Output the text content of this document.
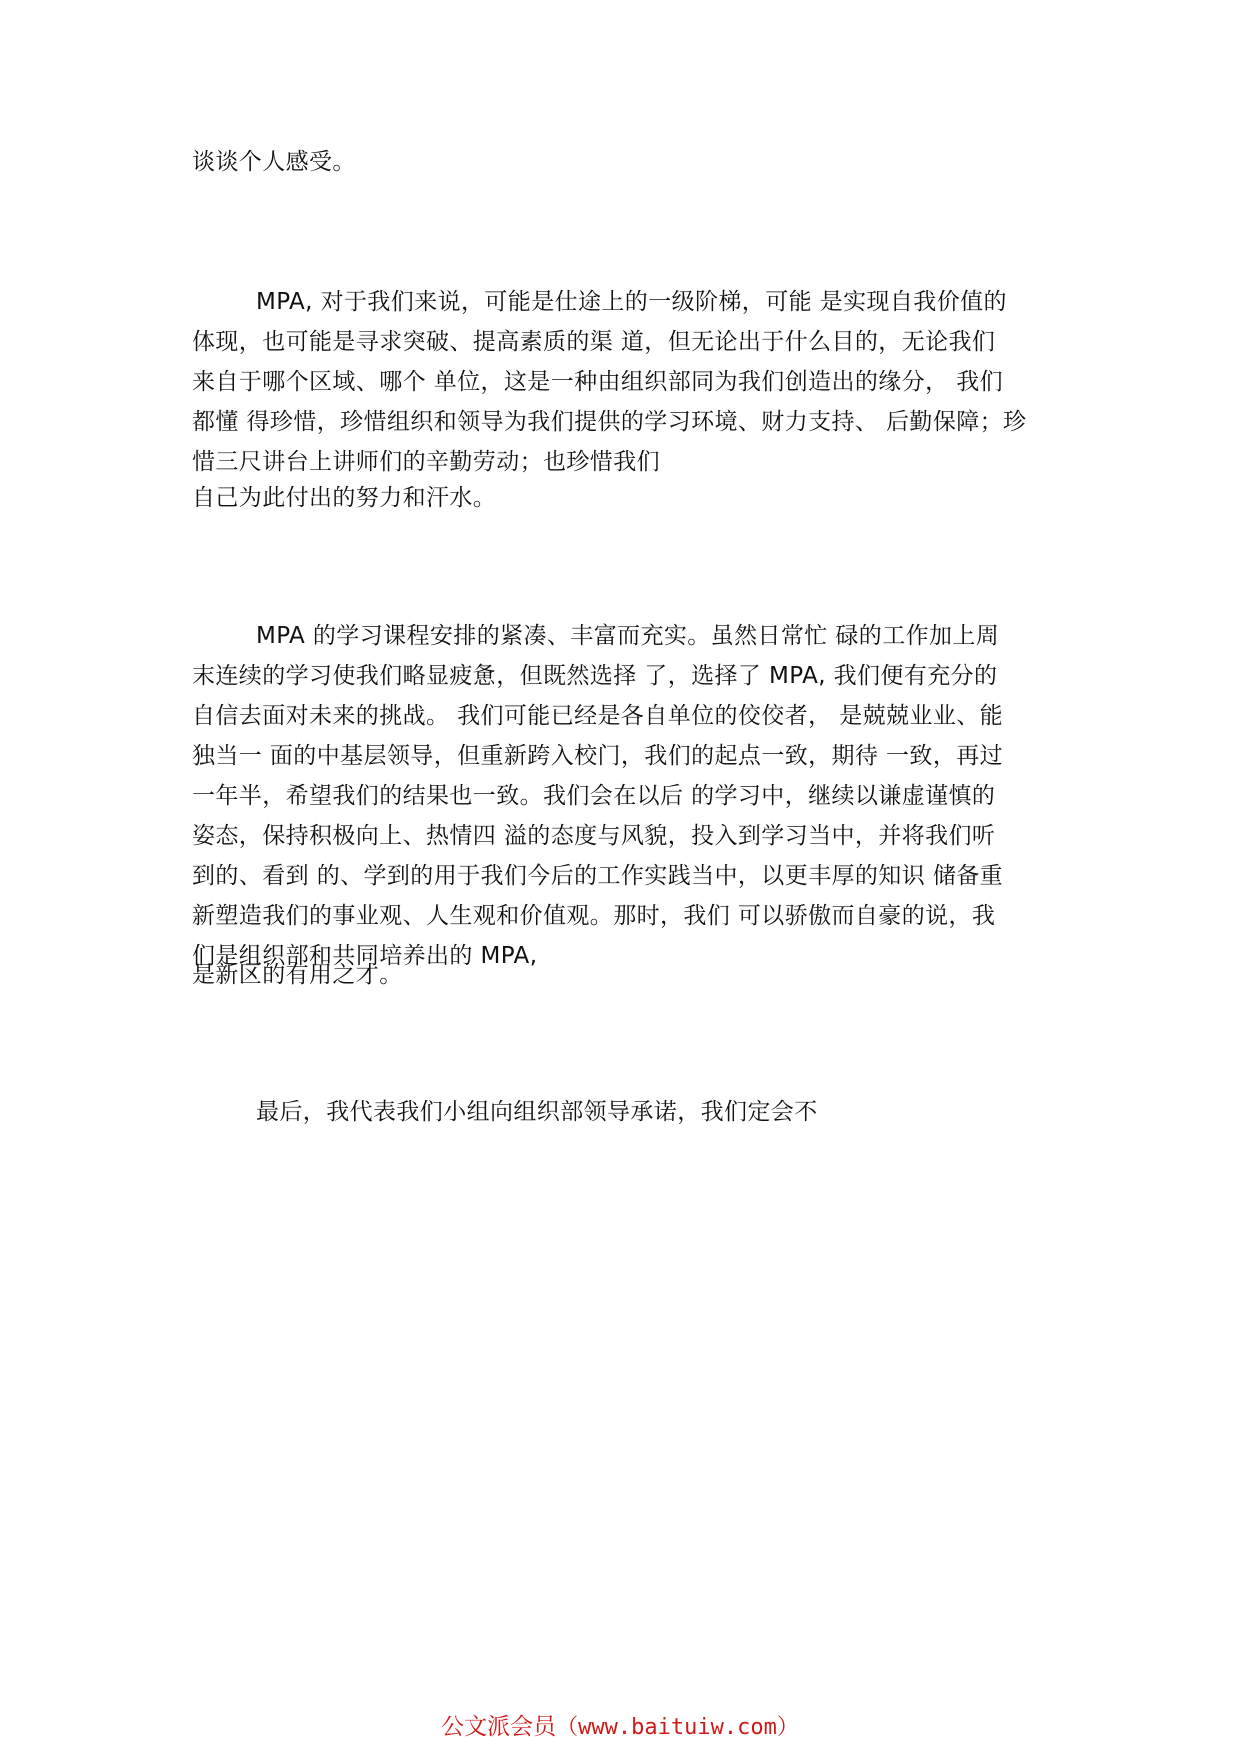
谈谈个人感受。
MPA, 对于我们来说，可能是仕途上的一级阶梯，可能 是实现自我价值的
体现，也可能是寻求突破、提高素质的渠 道，但无论出于什么目的，无论我们
来自于哪个区域、哪个 单位，这是一种由组织部同为我们创造出的缘分， 我们
都懂 得珍惜，珍惜组织和领导为我们提供的学习环境、财力支持、 后勤保障；珍
惜三尺讲台上讲师们的辛勤劳动；也珍惜我们
自己为此付出的努力和汗水。
MPA 的学习课程安排的紧凑、丰富而充实。虽然日常忙 碌的工作加上周
末连续的学习使我们略显疲惫，但既然选择 了，选择了 MPA, 我们便有充分的
自信去面对未来的挑战。 我们可能已经是各自单位的佼佼者， 是兢兢业业、能
独当一 面的中基层领导，但重新跨入校门，我们的起点一致，期待 一致，再过
一年半，希望我们的结果也一致。我们会在以后 的学习中，继续以谦虚谨慎的
姿态，保持积极向上、热情四 溢的态度与风貌，投入到学习当中，并将我们听
到的、看到 的、学到的用于我们今后的工作实践当中，以更丰厚的知识 储备重
新塑造我们的事业观、人生观和价值观。那时，我们 可以骄傲而自豪的说，我
们是组织部和共同培养出的 MPA,
是新区的有用之才。
最后，我代表我们小组向组织部领导承诺，我们定会不
公文派会员（www.baituiw.com）
